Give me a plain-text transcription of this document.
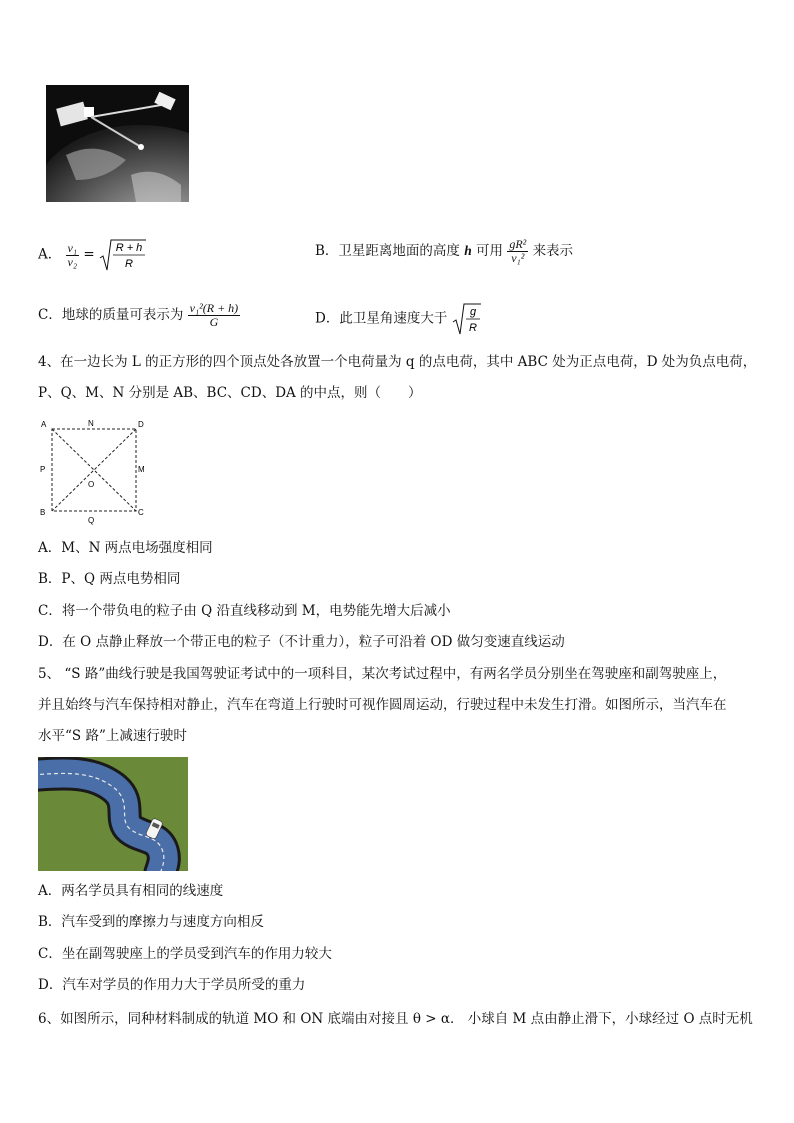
A． $\frac{\text{v₁}}{\text{v₂}} = R + h$
R
B．卫星距离地面的高度 h 可用 $\frac{\text{gR²}}{\text{v₁²}}$ 来表示
C．地球的质量可表示为 $\frac{\text{v₁²(R + h)}}{G}$	D．此卫星角速度大于 g
R
4、在一边长为 L 的正方形的四个顶点处各放置一个电荷量为 q 的点电荷，其中 ABC 处为正点电荷，D 处为负点电荷，
P、Q、M、N 分别是 AB、BC、CD、DA 的中点，则（　　）
A	N	D
P	M
O
B	C
Q
A．M、N 两点电场强度相同
B．P、Q 两点电势相同
C．将一个带负电的粒子由 Q 沿直线移动到 M，电势能先增大后减小
D．在 O 点静止释放一个带正电的粒子（不计重力），粒子可沿着 OD 做匀变速直线运动
5、 “S 路”曲线行驶是我国驾驶证考试中的一项科目，某次考试过程中，有两名学员分别坐在驾驶座和副驾驶座上，
并且始终与汽车保持相对静止，汽车在弯道上行驶时可视作圆周运动，行驶过程中未发生打滑。如图所示，当汽车在
水平“S 路”上减速行驶时
A．两名学员具有相同的线速度
B．汽车受到的摩擦力与速度方向相反
C．坐在副驾驶座上的学员受到汽车的作用力较大
D．汽车对学员的作用力大于学员所受的重力
6、如图所示，同种材料制成的轨道 MO 和 ON 底端由对接且 θ > α． 小球自 M 点由静止滑下，小球经过 O 点时无机
